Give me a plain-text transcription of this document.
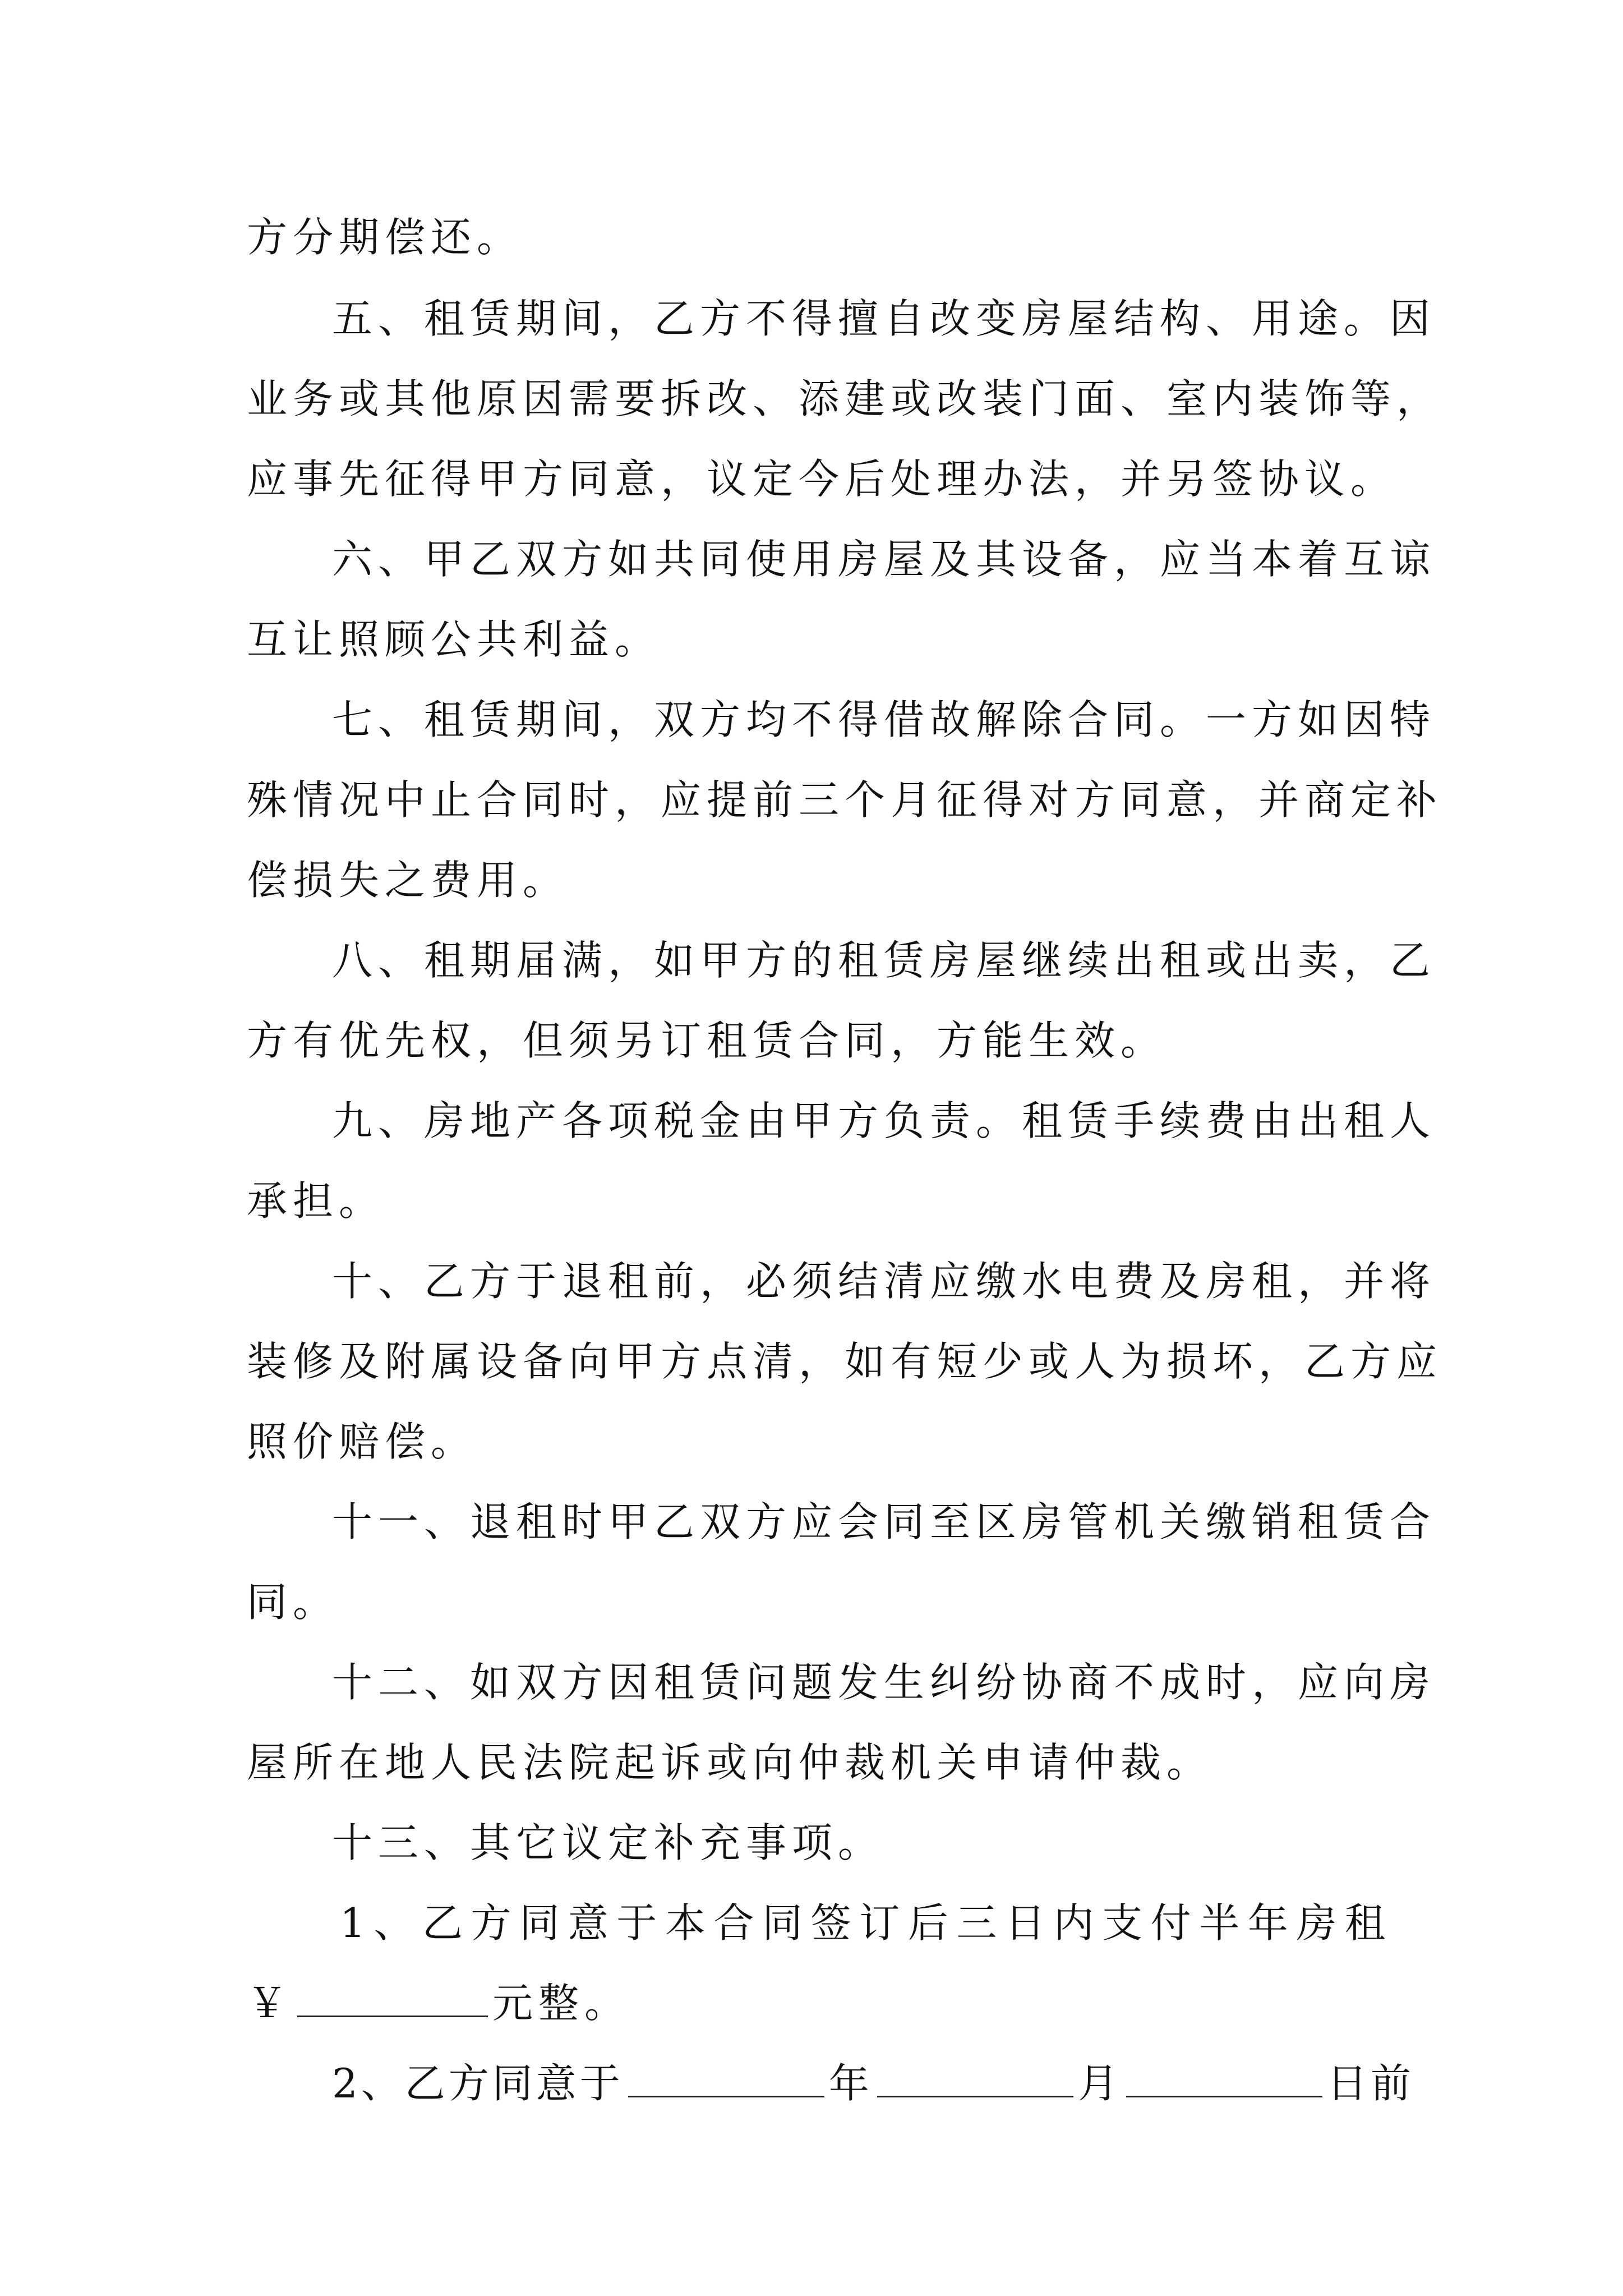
方分期偿还。
五、租赁期间，乙方不得擅自改变房屋结构、用途。因
业务或其他原因需要拆改、添建或改装门面、室内装饰等，
应事先征得甲方同意，议定今后处理办法，并另签协议。
六、甲乙双方如共同使用房屋及其设备，应当本着互谅
互让照顾公共利益。
七、租赁期间，双方均不得借故解除合同。一方如因特
殊情况中止合同时，应提前三个月征得对方同意，并商定补
偿损失之费用。
八、租期届满，如甲方的租赁房屋继续出租或出卖，乙
方有优先权，但须另订租赁合同，方能生效。
九、房地产各项税金由甲方负责。租赁手续费由出租人
承担。
十、乙方于退租前，必须结清应缴水电费及房租，并将
装修及附属设备向甲方点清，如有短少或人为损坏，乙方应
照价赔偿。
十一、退租时甲乙双方应会同至区房管机关缴销租赁合
同。
十二、如双方因租赁问题发生纠纷协商不成时，应向房
屋所在地人民法院起诉或向仲裁机关申请仲裁。
十三、其它议定补充事项。
1、乙方同意于本合同签订后三日内支付半年房租
￥	元整。
2、乙方同意于	年	月	日前
